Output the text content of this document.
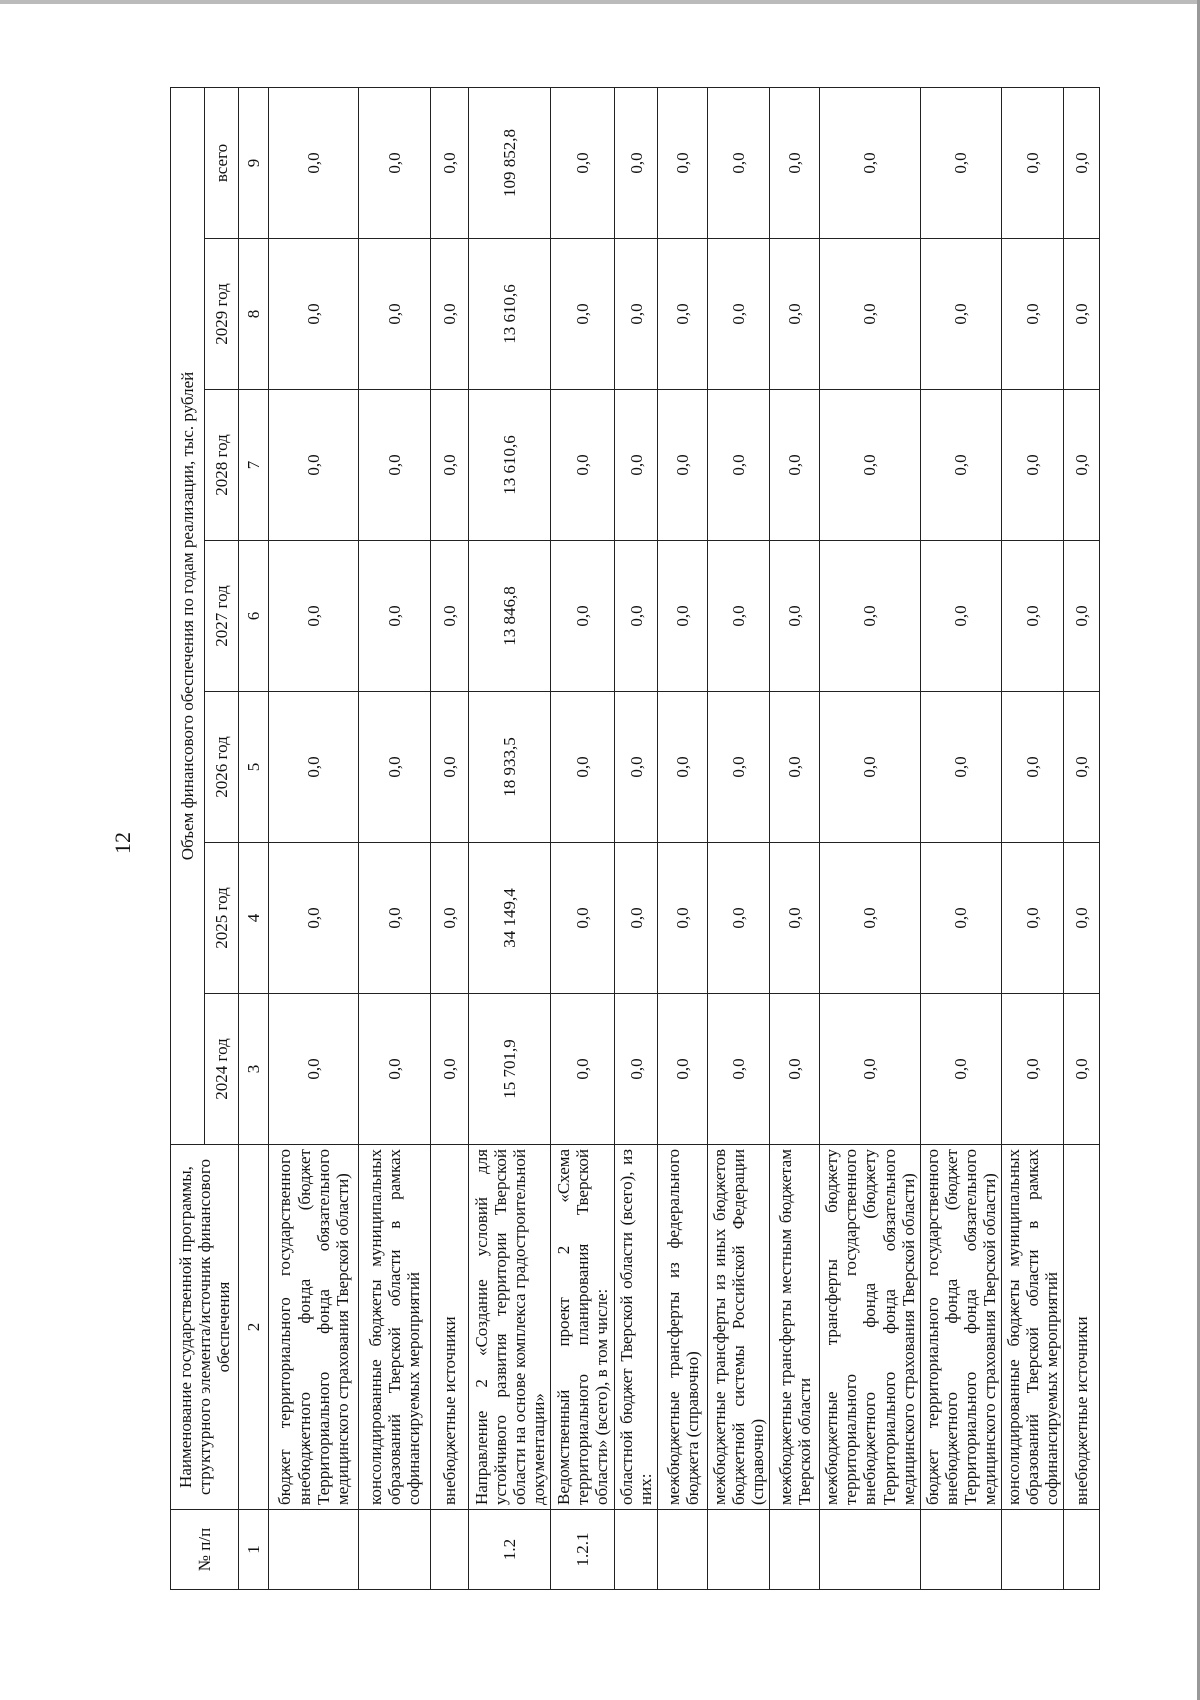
12
№ п/п	Наименование государственной программы, структурного элемента/источник финансового обеспечения	Объем финансового обеспечения по годам реализации, тыс. рублей						
		2024 год	2025 год	2026 год	2027 год	2028 год	2029 год	всего
1	2	3	4	5	6	7	8	9
	бюджет территориального государственного внебюджетного фонда (бюджет Территориального фонда обязательного медицинского страхования Тверской области)	0,0	0,0	0,0	0,0	0,0	0,0	0,0
	консолидированные бюджеты муниципальных образований Тверской области в рамках софинансируемых мероприятий	0,0	0,0	0,0	0,0	0,0	0,0	0,0
	внебюджетные источники	0,0	0,0	0,0	0,0	0,0	0,0	0,0
1.2	Направление 2 «Создание условий для устойчивого развития территории Тверской области на основе комплекса градостроительной документации»	15 701,9	34 149,4	18 933,5	13 846,8	13 610,6	13 610,6	109 852,8
1.2.1	Ведомственный проект 2 «Схема территориального планирования Тверской области» (всего), в том числе:	0,0	0,0	0,0	0,0	0,0	0,0	0,0
	областной бюджет Тверской области (всего), из них:	0,0	0,0	0,0	0,0	0,0	0,0	0,0
	межбюджетные трансферты из федерального бюджета (справочно)	0,0	0,0	0,0	0,0	0,0	0,0	0,0
	межбюджетные трансферты из иных бюджетов бюджетной системы Российской Федерации (справочно)	0,0	0,0	0,0	0,0	0,0	0,0	0,0
	межбюджетные трансферты местным бюджетам Тверской области	0,0	0,0	0,0	0,0	0,0	0,0	0,0
	межбюджетные трансферты бюджету территориального государственного внебюджетного фонда (бюджету Территориального фонда обязательного медицинского страхования Тверской области)	0,0	0,0	0,0	0,0	0,0	0,0	0,0
	бюджет территориального государственного внебюджетного фонда (бюджет Территориального фонда обязательного медицинского страхования Тверской области)	0,0	0,0	0,0	0,0	0,0	0,0	0,0
	консолидированные бюджеты муниципальных образований Тверской области в рамках софинансируемых мероприятий	0,0	0,0	0,0	0,0	0,0	0,0	0,0
	внебюджетные источники	0,0	0,0	0,0	0,0	0,0	0,0	0,0
